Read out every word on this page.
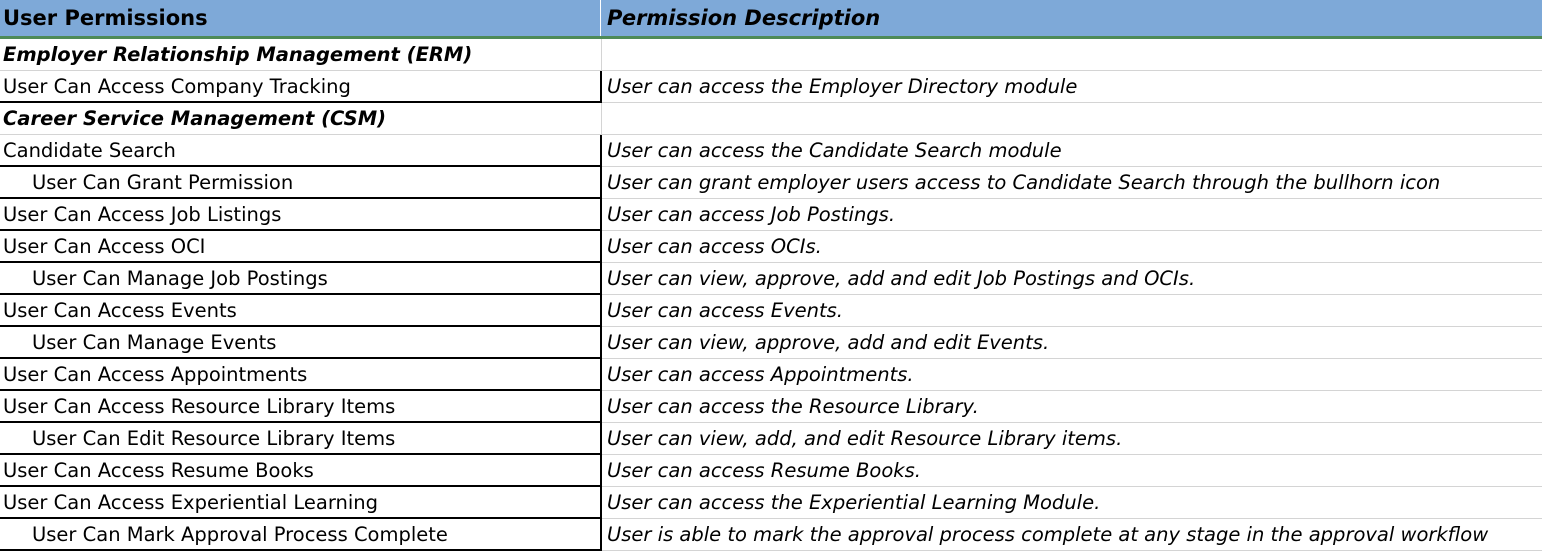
User Permissions	Permission Description
Employer Relationship Management (ERM)
User Can Access Company Tracking	User can access the Employer Directory module
Career Service Management (CSM)
Candidate Search	User can access the Candidate Search module
User Can Grant Permission	User can grant employer users access to Candidate Search through the bullhorn icon
User Can Access Job Listings	User can access Job Postings.
User Can Access OCI	User can access OCIs.
User Can Manage Job Postings	User can view, approve, add and edit Job Postings and OCIs.
User Can Access Events	User can access Events.
User Can Manage Events	User can view, approve, add and edit Events.
User Can Access Appointments	User can access Appointments.
User Can Access Resource Library Items	User can access the Resource Library.
User Can Edit Resource Library Items	User can view, add, and edit Resource Library items.
User Can Access Resume Books	User can access Resume Books.
User Can Access Experiential Learning	User can access the Experiential Learning Module.
User Can Mark Approval Process Complete	User is able to mark the approval process complete at any stage in the approval workflow
